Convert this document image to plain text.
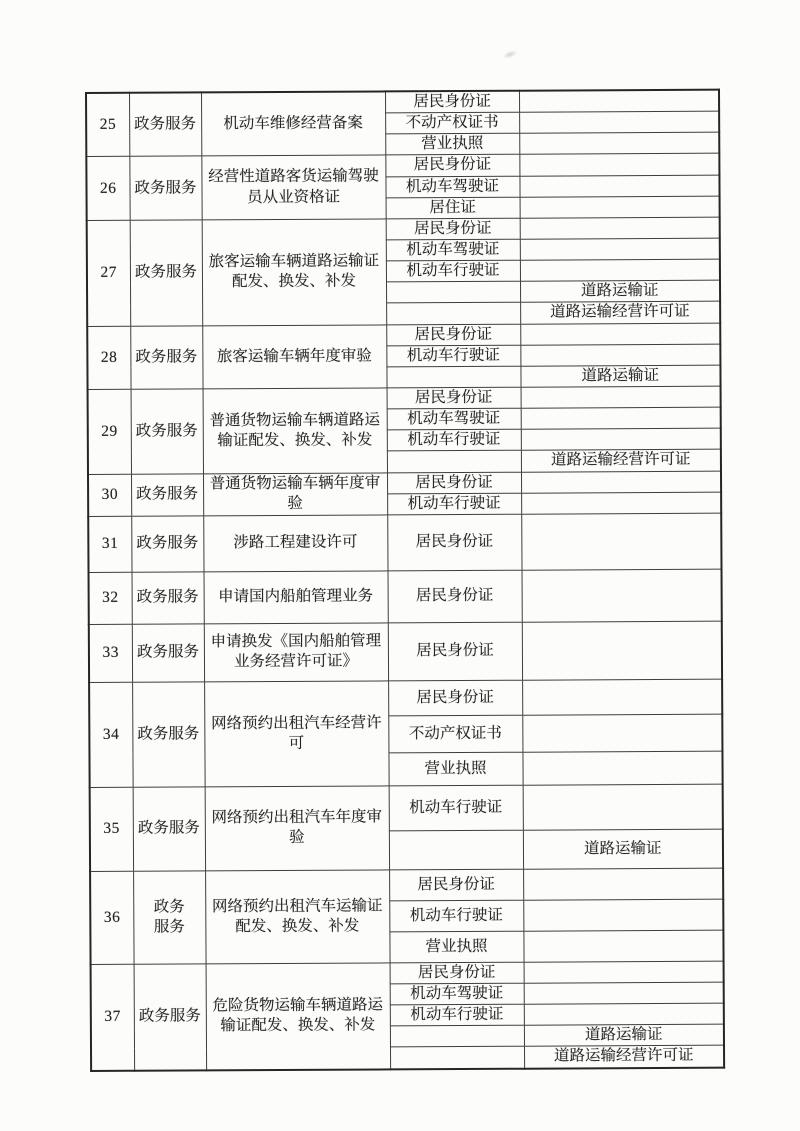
25	政务服务	机动车维修经营备案	居民身份证	
			不动产权证书	
			营业执照	
26	政务服务	经营性道路客货运输驾驶
员从业资格证	居民身份证	
			机动车驾驶证	
			居住证	
27	政务服务	旅客运输车辆道路运输证
配发、换发、补发	居民身份证	
			机动车驾驶证	
			机动车行驶证	
				道路运输证
				道路运输经营许可证
28	政务服务	旅客运输车辆年度审验	居民身份证	
			机动车行驶证	
				道路运输证
29	政务服务	普通货物运输车辆道路运
输证配发、换发、补发	居民身份证	
			机动车驾驶证	
			机动车行驶证	
				道路运输经营许可证
30	政务服务	普通货物运输车辆年度审
验	居民身份证	
			机动车行驶证	
31	政务服务	涉路工程建设许可	居民身份证	
32	政务服务	申请国内船舶管理业务	居民身份证	
33	政务服务	申请换发《国内船舶管理
业务经营许可证》	居民身份证	
34	政务服务	网络预约出租汽车经营许
可	居民身份证	
			不动产权证书	
			营业执照	
35	政务服务	网络预约出租汽车年度审
验	机动车行驶证	
				道路运输证
36	政务
服务	网络预约出租汽车运输证
配发、换发、补发	居民身份证	
			机动车行驶证	
			营业执照	
37	政务服务	危险货物运输车辆道路运
输证配发、换发、补发	居民身份证	
			机动车驾驶证	
			机动车行驶证	
				道路运输证
				道路运输经营许可证
